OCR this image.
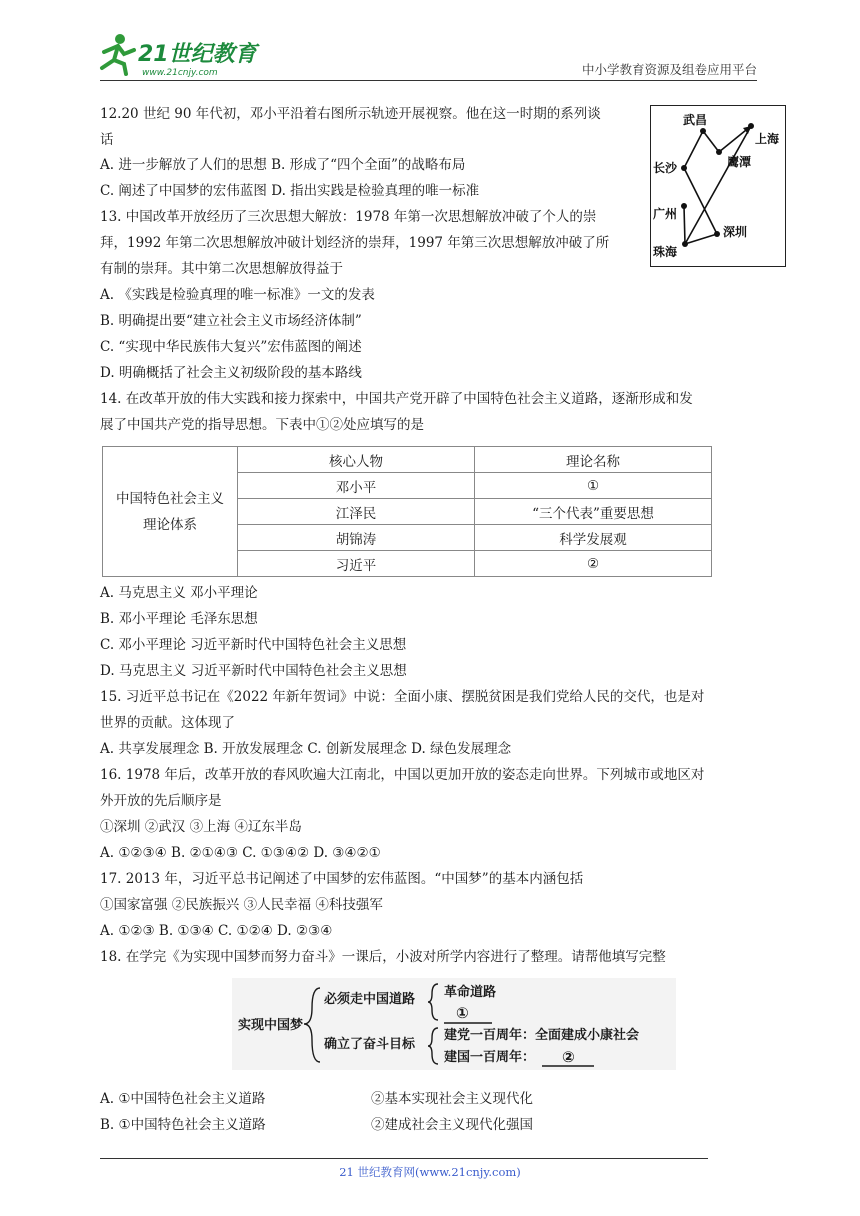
21世纪教育
www.21cnjy.com	中小学教育资源及组卷应用平台
武昌
上海
长沙	鹰潭
广州
深圳
珠海
12.20 世纪 90 年代初，邓小平沿着右图所示轨迹开展视察。他在这一时期的系列谈
话
A. 进一步解放了人们的思想 B. 形成了“四个全面”的战略布局
C. 阐述了中国梦的宏伟蓝图 D. 指出实践是检验真理的唯一标准
13. 中国改革开放经历了三次思想大解放：1978 年第一次思想解放冲破了个人的崇
拜，1992 年第二次思想解放冲破计划经济的崇拜，1997 年第三次思想解放冲破了所
有制的崇拜。其中第二次思想解放得益于
A. 《实践是检验真理的唯一标准》一文的发表
B. 明确提出要“建立社会主义市场经济体制”
C. “实现中华民族伟大复兴”宏伟蓝图的阐述
D. 明确概括了社会主义初级阶段的基本路线
14. 在改革开放的伟大实践和接力探索中，中国共产党开辟了中国特色社会主义道路，逐渐形成和发
展了中国共产党的指导思想。下表中①②处应填写的是
中国特色社会主义理论体系	核心人物	理论名称
	邓小平	①
	江泽民	“三个代表”重要思想
	胡锦涛	科学发展观
	习近平	②
A. 马克思主义 邓小平理论
B. 邓小平理论 毛泽东思想
C. 邓小平理论 习近平新时代中国特色社会主义思想
D. 马克思主义 习近平新时代中国特色社会主义思想
15. 习近平总书记在《2022 年新年贺词》中说：全面小康、摆脱贫困是我们党给人民的交代，也是对
世界的贡献。这体现了
A. 共享发展理念 B. 开放发展理念 C. 创新发展理念 D. 绿色发展理念
16. 1978 年后，改革开放的春风吹遍大江南北，中国以更加开放的姿态走向世界。下列城市或地区对
外开放的先后顺序是
①深圳 ②武汉 ③上海 ④辽东半岛
A. ①②③④ B. ②①④③ C. ①③④② D. ③④②①
17. 2013 年，习近平总书记阐述了中国梦的宏伟蓝图。“中国梦”的基本内涵包括
①国家富强 ②民族振兴 ③人民幸福 ④科技强军
A. ①②③ B. ①③④ C. ①②④ D. ②③④
18. 在学完《为实现中国梦而努力奋斗》一课后，小波对所学内容进行了整理。请帮他填写完整
实现中国梦
必须走中国道路
确立了奋斗目标
革命道路
①
建党一百周年：全面建成小康社会
建国一百周年： ②
A. ①中国特色社会主义道路	②基本实现社会主义现代化
B. ①中国特色社会主义道路	②建成社会主义现代化强国
21 世纪教育网(www.21cnjy.com)
